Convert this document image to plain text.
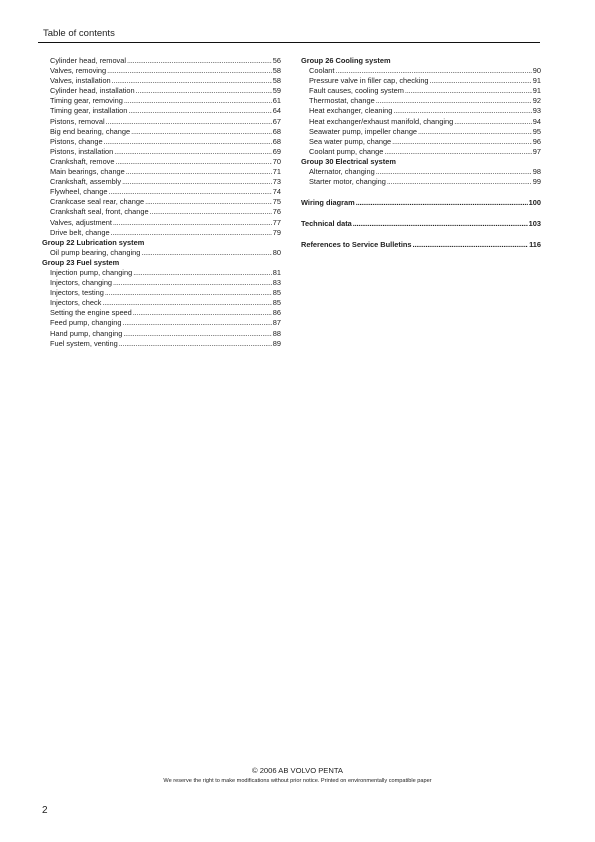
Table of contents
Cylinder head, removal .....	56
Valves, removing .....	58
Valves, installation .....	58
Cylinder head, installation .....	59
Timing gear, removing .....	61
Timing gear, installation .....	64
Pistons, removal .....	67
Big end bearing, change .....	68
Pistons, change .....	68
Pistons, installation .....	69
Crankshaft, remove .....	70
Main bearings, change .....	71
Crankshaft, assembly .....	73
Flywheel, change .....	74
Crankcase seal rear, change .....	75
Crankshaft seal, front, change .....	76
Valves, adjustment .....	77
Drive belt, change .....	79
Group 22 Lubrication system
Oil pump bearing, changing .....	80
Group 23 Fuel system
Injection pump, changing .....	81
Injectors, changing .....	83
Injectors, testing .....	85
Injectors, check .....	85
Setting the engine speed .....	86
Feed pump, changing .....	87
Hand pump, changing .....	88
Fuel system, venting .....	89
Group 26 Cooling system
Coolant .....	90
Pressure valve in filler cap, checking .....	91
Fault causes, cooling system .....	91
Thermostat, change .....	92
Heat exchanger, cleaning .....	93
Heat exchanger/exhaust manifold, changing .....	94
Seawater pump, impeller change .....	95
Sea water pump, change .....	96
Coolant pump, change .....	97
Group 30 Electrical system
Alternator, changing .....	98
Starter motor, changing .....	99
Wiring diagram .....	100
Technical data .....	103
References to Service Bulletins .....	116
© 2006 AB VOLVO PENTA
We reserve the right to make modifications without prior notice. Printed on environmentally compatible paper
2
